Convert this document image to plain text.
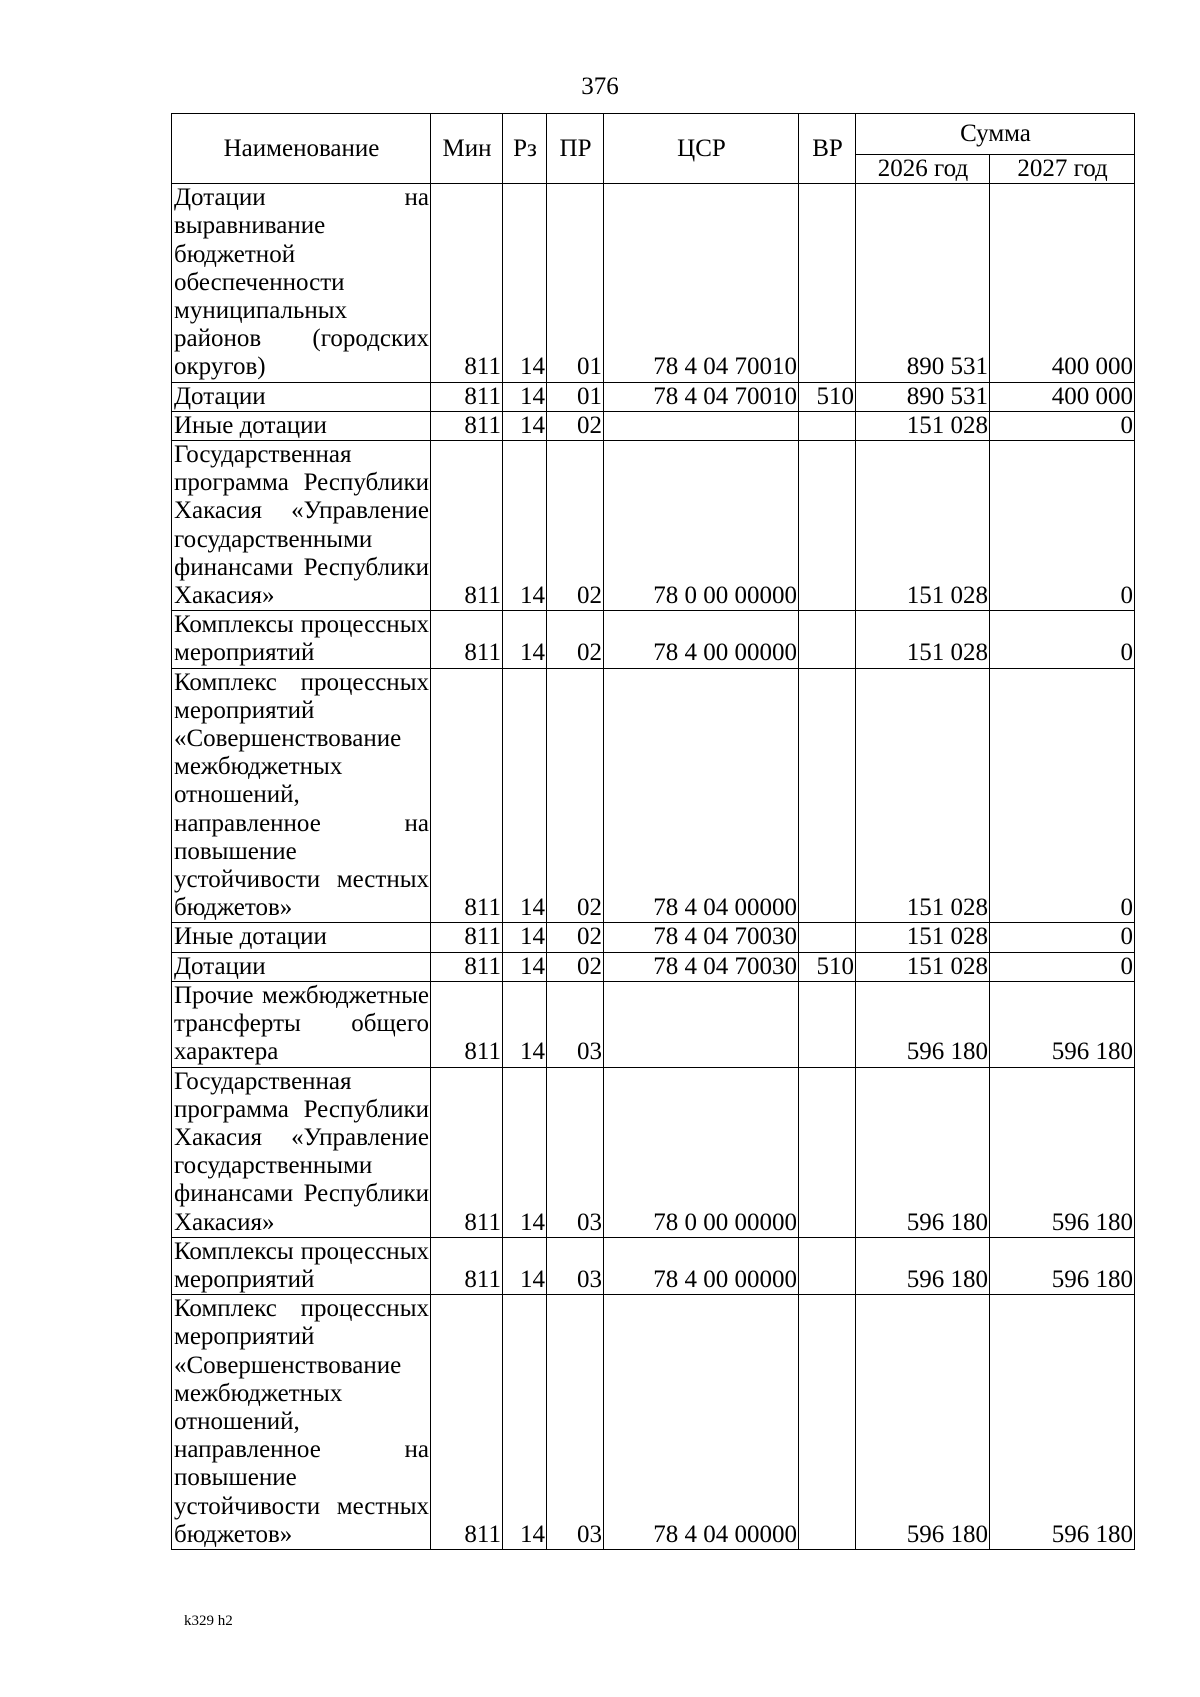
376
Наименование	Мин	Рз	ПР	ЦСР	ВР	Сумма	
						2026 год	2027 год
Дотации на выравнивание бюджетной обеспеченности муниципальных районов (городских округов)	811	14	01	78 4 04 70010		890 531	400 000
Дотации	811	14	01	78 4 04 70010	510	890 531	400 000
Иные дотации	811	14	02			151 028	0
Государственная программа Республики Хакасия «Управление государственными финансами Республики Хакасия»	811	14	02	78 0 00 00000		151 028	0
Комплексы процессных мероприятий	811	14	02	78 4 00 00000		151 028	0
Комплекс процессных мероприятий «Совершенствование межбюджетных отношений, направленное на повышение устойчивости местных бюджетов»	811	14	02	78 4 04 00000		151 028	0
Иные дотации	811	14	02	78 4 04 70030		151 028	0
Дотации	811	14	02	78 4 04 70030	510	151 028	0
Прочие межбюджетные трансферты общего характера	811	14	03			596 180	596 180
Государственная программа Республики Хакасия «Управление государственными финансами Республики Хакасия»	811	14	03	78 0 00 00000		596 180	596 180
Комплексы процессных мероприятий	811	14	03	78 4 00 00000		596 180	596 180
Комплекс процессных мероприятий «Совершенствование межбюджетных отношений, направленное на повышение устойчивости местных бюджетов»	811	14	03	78 4 04 00000		596 180	596 180
k329 h2
